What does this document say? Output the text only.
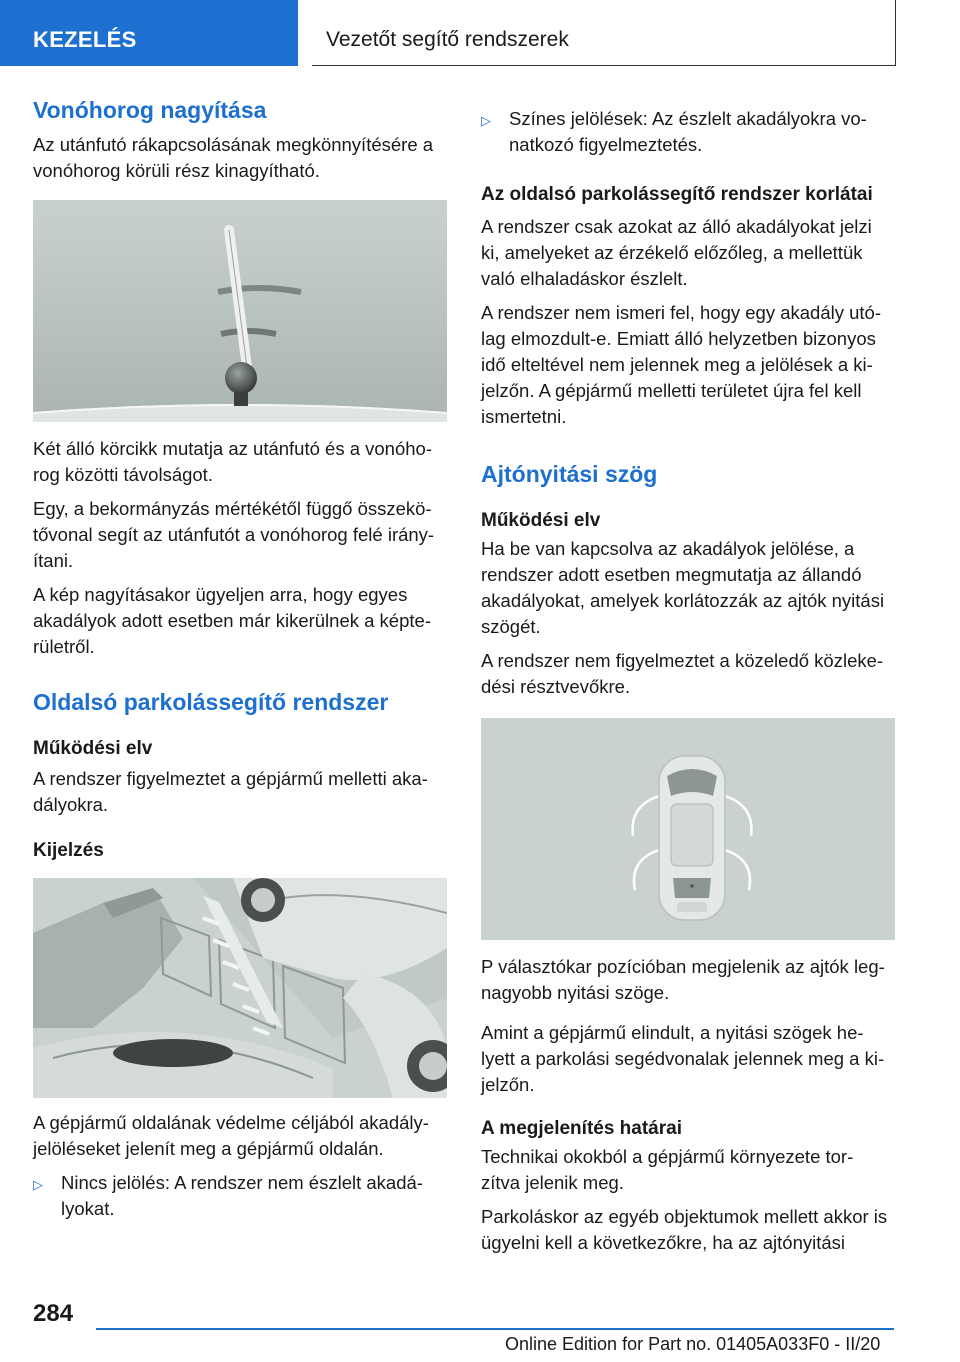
KEZELÉS	Vezetőt segítő rendszerek
Vonóhorog nagyítása

Az utánfutó rákapcsolásának megkönnyítésére a vonóhorog körüli rész kinagyítható.

Két álló körcikk mutatja az utánfutó és a vonóho- rog közötti távolságot.

Egy, a bekormányzás mértékétől függő összekö- tővonal segít az utánfutót a vonóhorog felé irány- ítani.

A kép nagyításakor ügyeljen arra, hogy egyes akadályok adott esetben már kikerülnek a képte- rületről.

Oldalsó parkolássegítő rendszer
Működési elv

A rendszer figyelmeztet a gépjármű melletti aka- dályokra.

Kijelzés

A gépjármű oldalának védelme céljából akadály- jelöléseket jelenít meg a gépjármű oldalán.

▷ Nincs jelölés: A rendszer nem észlelt akadá- lyokat.
▷ Színes jelölések: Az észlelt akadályokra vo- natkozó figyelmeztetés.
Az oldalsó parkolássegítő rendszer korlátai

A rendszer csak azokat az álló akadályokat jelzi ki, amelyeket az érzékelő előzőleg, a mellettük való elhaladáskor észlelt.

A rendszer nem ismeri fel, hogy egy akadály utó- lag elmozdult-e. Emiatt álló helyzetben bizonyos idő elteltével nem jelennek meg a jelölések a ki- jelzőn. A gépjármű melletti területet újra fel kell ismertetni.

Ajtónyitási szög
Működési elv

Ha be van kapcsolva az akadályok jelölése, a rendszer adott esetben megmutatja az állandó akadályokat, amelyek korlátozzák az ajtók nyitási szögét.

A rendszer nem figyelmeztet a közeledő közleke- dési résztvevőkre.

P választókar pozícióban megjelenik az ajtók leg- nagyobb nyitási szöge.

Amint a gépjármű elindult, a nyitási szögek he- lyett a parkolási segédvonalak jelennek meg a ki- jelzőn.

A megjelenítés határai

Technikai okokból a gépjármű környezete tor- zítva jelenik meg.

Parkoláskor az egyéb objektumok mellett akkor is ügyelni kell a következőkre, ha az ajtónyitási

284
Online Edition for Part no. 01405A033F0 - II/20
